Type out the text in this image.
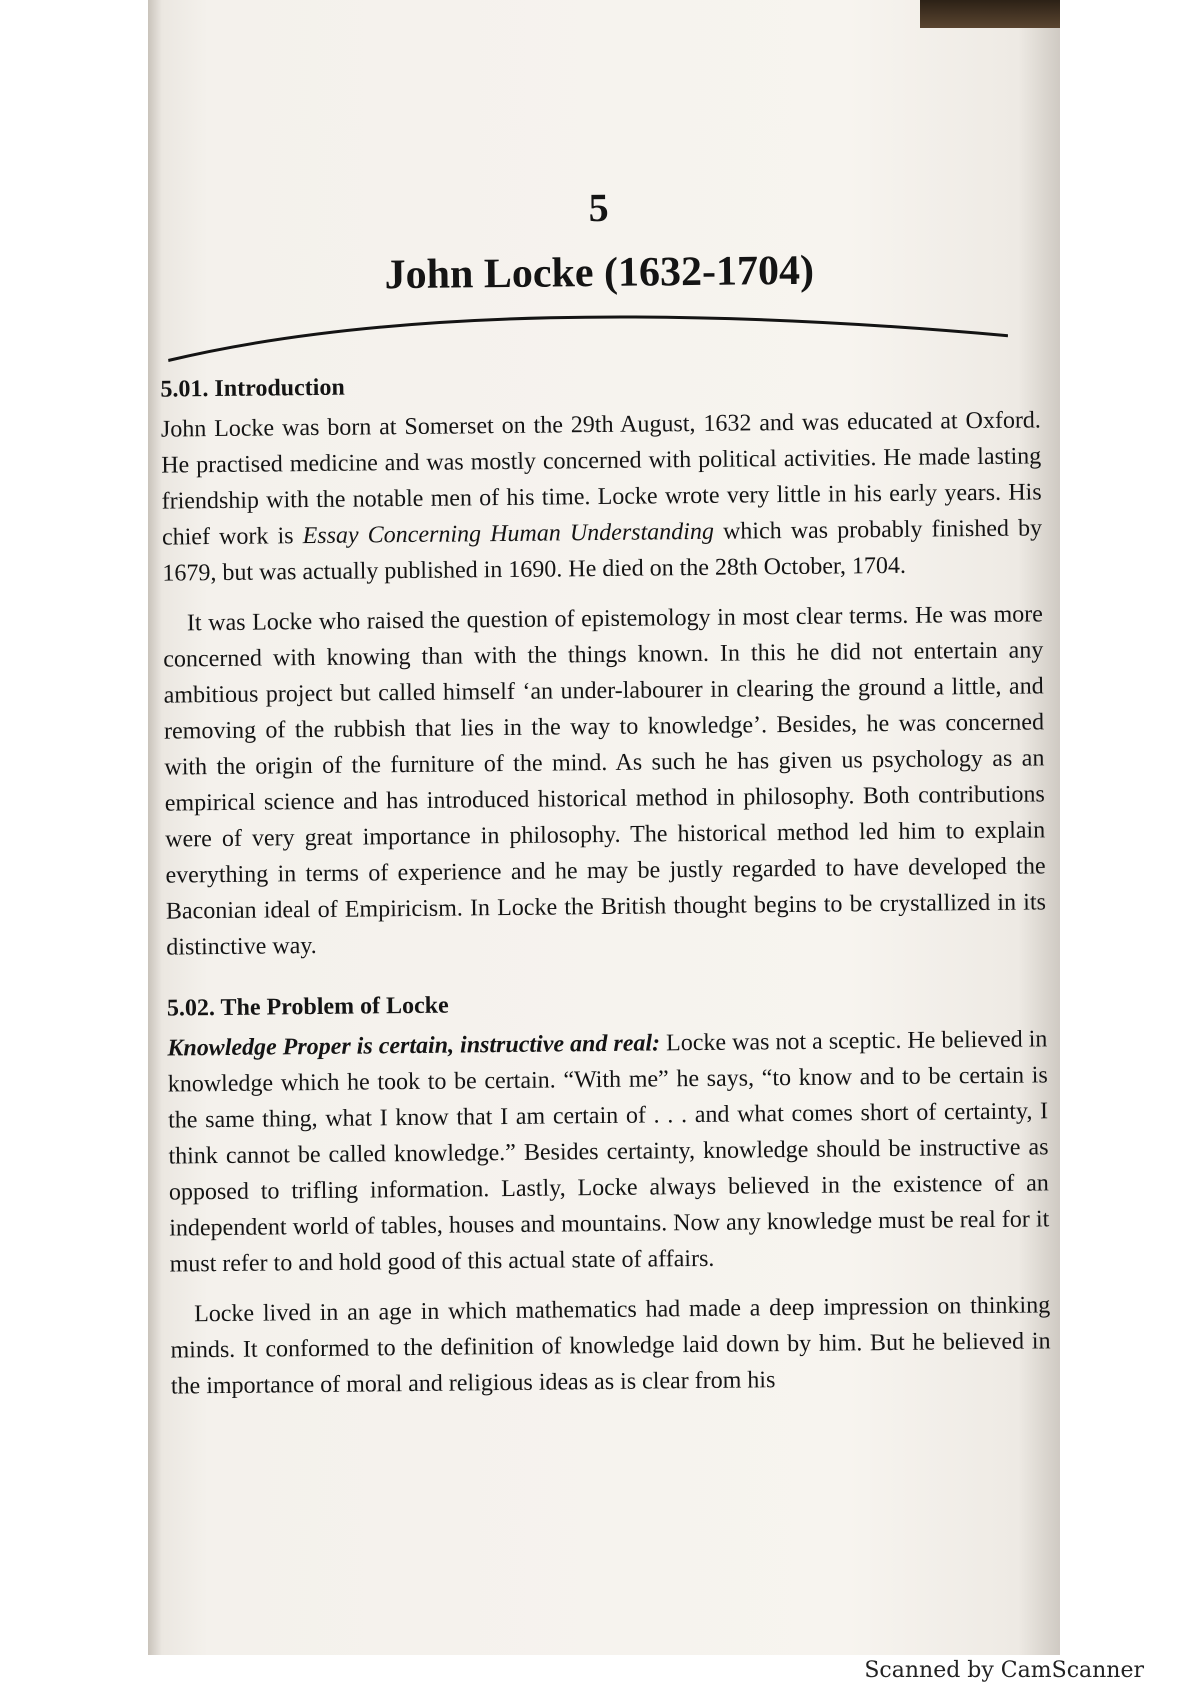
5
John Locke (1632-1704)
5.01. Introduction

John Locke was born at Somerset on the 29th August, 1632 and was educated at Oxford. He practised medicine and was mostly concerned with political activities. He made lasting friendship with the notable men of his time. Locke wrote very little in his early years. His chief work is Essay Concerning Human Understanding which was probably finished by 1679, but was actually published in 1690. He died on the 28th October, 1704.

It was Locke who raised the question of epistemology in most clear terms. He was more concerned with knowing than with the things known. In this he did not entertain any ambitious project but called himself ‘an under-labourer in clearing the ground a little, and removing of the rubbish that lies in the way to knowledge’. Besides, he was concerned with the origin of the furniture of the mind. As such he has given us psychology as an empirical science and has introduced historical method in philosophy. Both contributions were of very great importance in philosophy. The historical method led him to explain everything in terms of experience and he may be justly regarded to have developed the Baconian ideal of Empiricism. In Locke the British thought begins to be crystallized in its distinctive way.

5.02. The Problem of Locke

Knowledge Proper is certain, instructive and real: Locke was not a sceptic. He believed in knowledge which he took to be certain. “With me” he says, “to know and to be certain is the same thing, what I know that I am certain of . . . and what comes short of certainty, I think cannot be called knowledge.” Besides certainty, knowledge should be instructive as opposed to trifling information. Lastly, Locke always believed in the existence of an independent world of tables, houses and mountains. Now any knowledge must be real for it must refer to and hold good of this actual state of affairs.

Locke lived in an age in which mathematics had made a deep impression on thinking minds. It conformed to the definition of knowledge laid down by him. But he believed in the importance of moral and religious ideas as is clear from his

Scanned by CamScanner
